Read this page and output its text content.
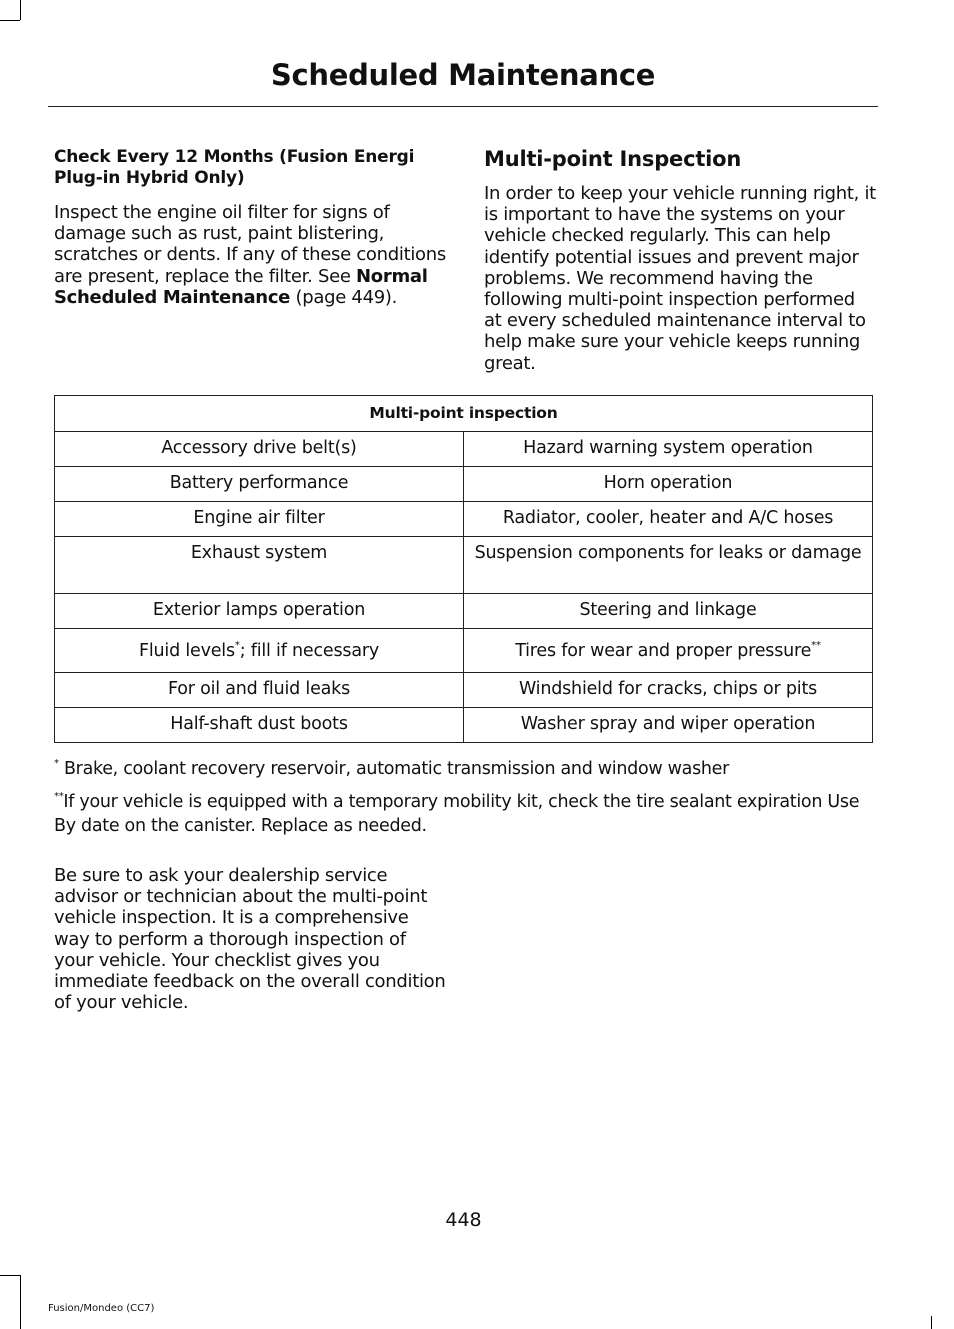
Scheduled Maintenance
Check Every 12 Months (Fusion Energi Plug-in Hybrid Only)

Inspect the engine oil filter for signs of damage such as rust, paint blistering, scratches or dents. If any of these conditions are present, replace the filter. See Normal Scheduled Maintenance (page 449).

Multi-point Inspection

In order to keep your vehicle running right, it is important to have the systems on your vehicle checked regularly. This can help identify potential issues and prevent major problems. We recommend having the following multi-point inspection performed at every scheduled maintenance interval to help make sure your vehicle keeps running great.

Multi-point inspection	
Accessory drive belt(s)	Hazard warning system operation
Battery performance	Horn operation
Engine air filter	Radiator, cooler, heater and A/C hoses
Exhaust system	Suspension components for leaks or damage
Exterior lamps operation	Steering and linkage
Fluid levels*; fill if necessary	Tires for wear and proper pressure**
For oil and fluid leaks	Windshield for cracks, chips or pits
Half-shaft dust boots	Washer spray and wiper operation

* Brake, coolant recovery reservoir, automatic transmission and window washer

**If your vehicle is equipped with a temporary mobility kit, check the tire sealant expiration Use By date on the canister. Replace as needed.

Be sure to ask your dealership service advisor or technician about the multi-point vehicle inspection. It is a comprehensive way to perform a thorough inspection of your vehicle. Your checklist gives you immediate feedback on the overall condition of your vehicle.

448
Fusion/Mondeo (CC7)
